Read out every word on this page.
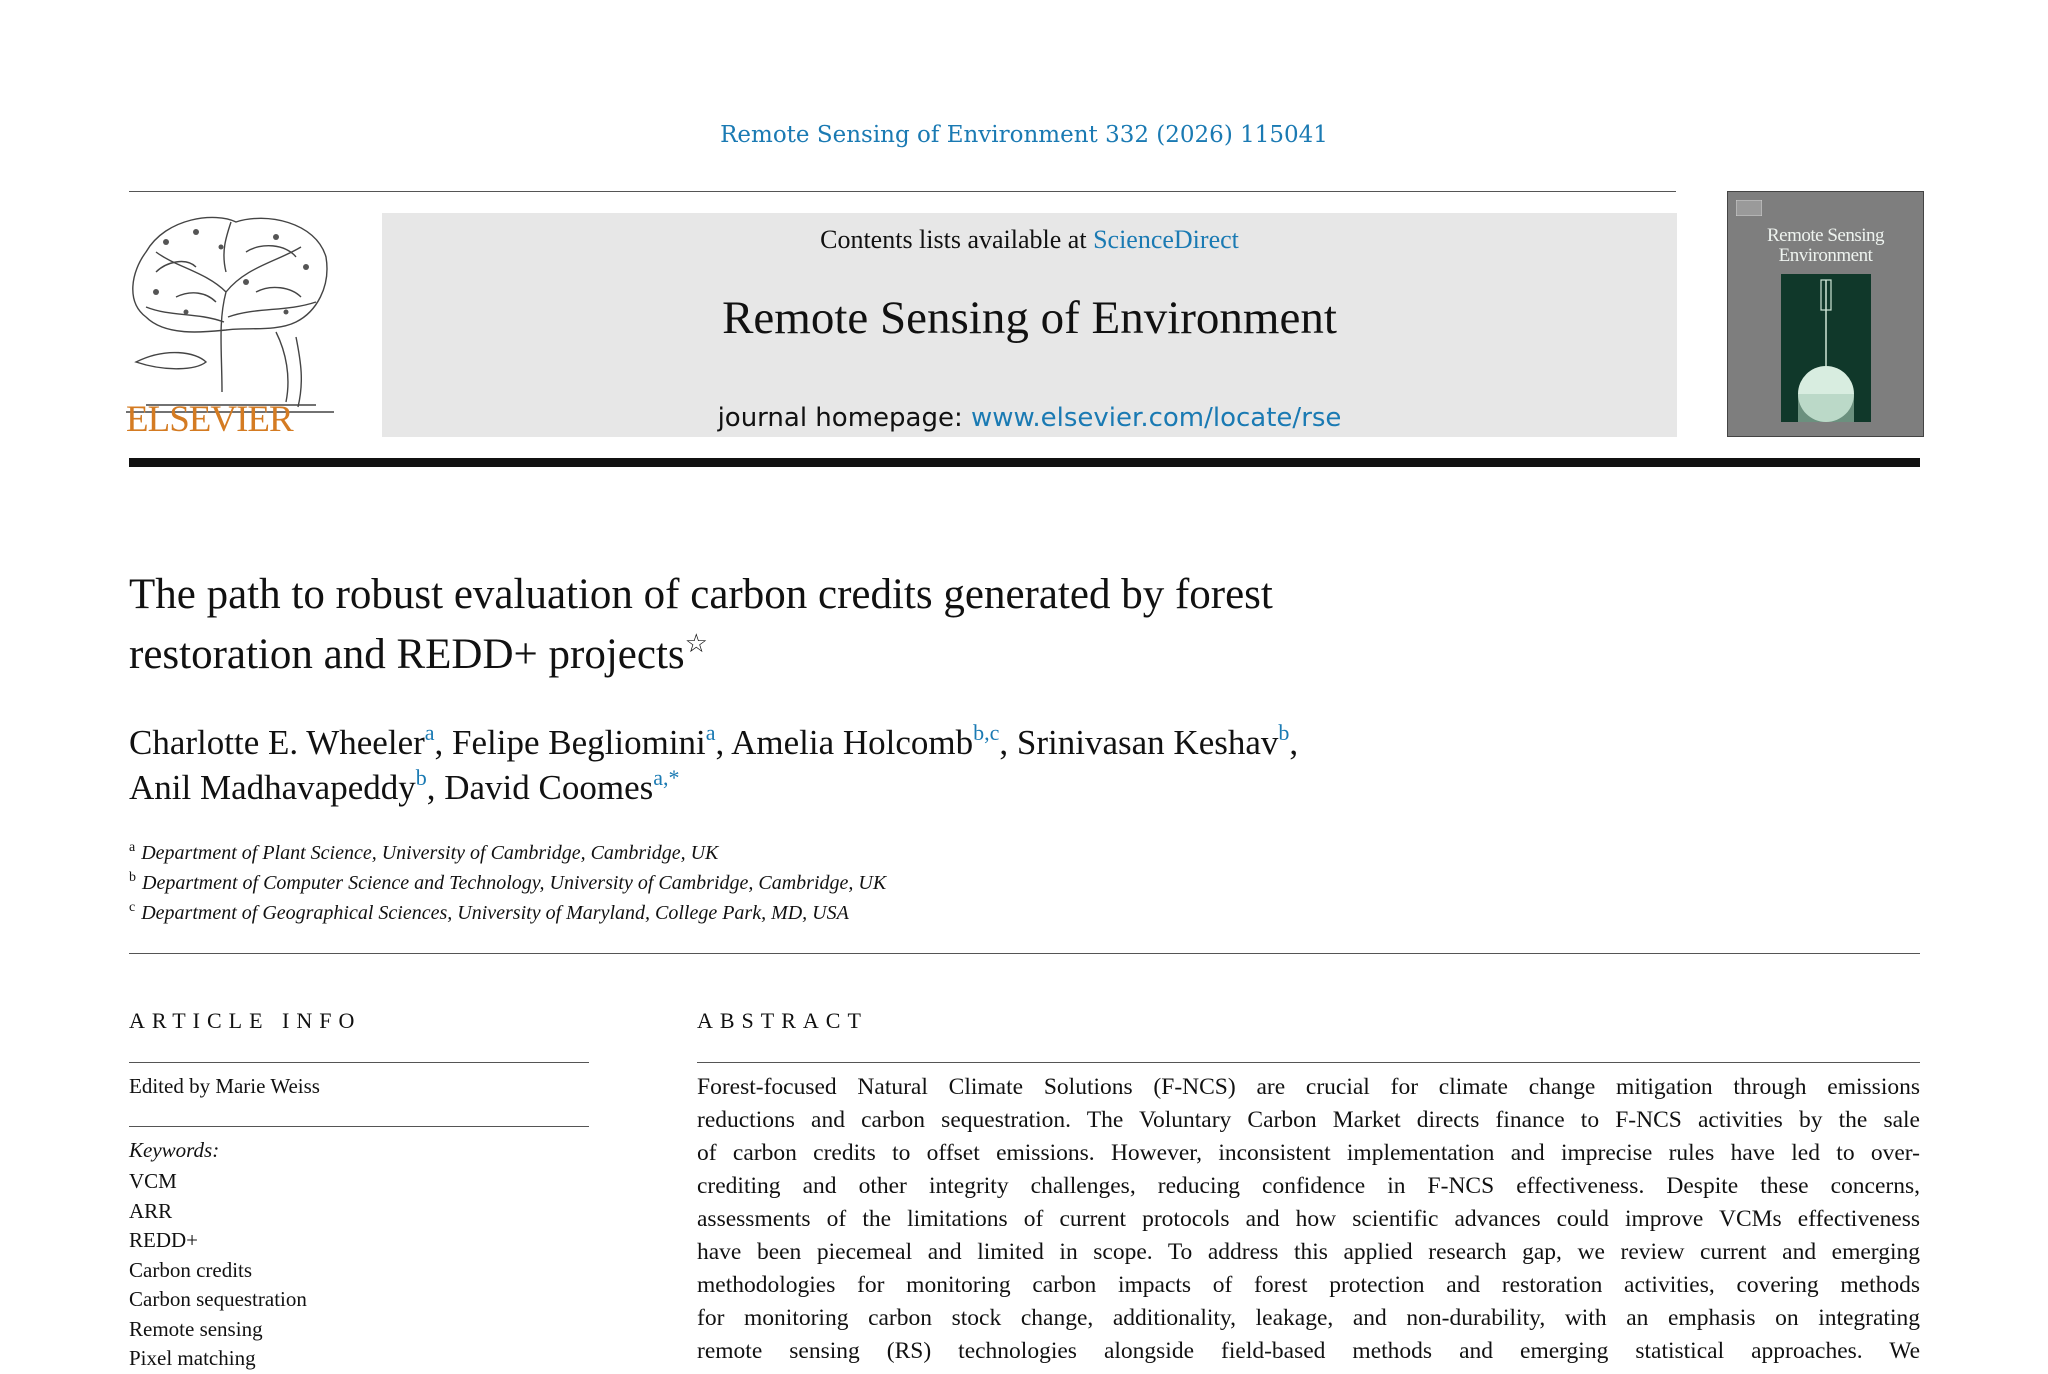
Remote Sensing of Environment 332 (2026) 115041
ELSEVIER
Contents lists available at ScienceDirect
Remote Sensing of Environment
journal homepage: www.elsevier.com/locate/rse
Remote Sensing
Environment
The path to robust evaluation of carbon credits generated by forest
restoration and REDD+ projects☆
Charlotte E. Wheeler$^a$, Felipe Begliomini$^a$, Amelia Holcomb$^{b,c}$, Srinivasan Keshav$^b$,
Anil Madhavapeddy$^b$, David Coomes$^{a,*}$
$^a$ Department of Plant Science, University of Cambridge, Cambridge, UK
$^b$ Department of Computer Science and Technology, University of Cambridge, Cambridge, UK
$^c$ Department of Geographical Sciences, University of Maryland, College Park, MD, USA
ARTICLE INFO
Edited by Marie Weiss
Keywords:
VCM
ARR
REDD+
Carbon credits
Carbon sequestration
Remote sensing
Pixel matching
ABSTRACT
Forest-focused Natural Climate Solutions (F-NCS) are crucial for climate change mitigation through emissions
reductions and carbon sequestration. The Voluntary Carbon Market directs finance to F-NCS activities by the sale
of carbon credits to offset emissions. However, inconsistent implementation and imprecise rules have led to over-
crediting and other integrity challenges, reducing confidence in F-NCS effectiveness. Despite these concerns,
assessments of the limitations of current protocols and how scientific advances could improve VCMs effectiveness
have been piecemeal and limited in scope. To address this applied research gap, we review current and emerging
methodologies for monitoring carbon impacts of forest protection and restoration activities, covering methods
for monitoring carbon stock change, additionality, leakage, and non-durability, with an emphasis on integrating
remote sensing (RS) technologies alongside field-based methods and emerging statistical approaches. We
